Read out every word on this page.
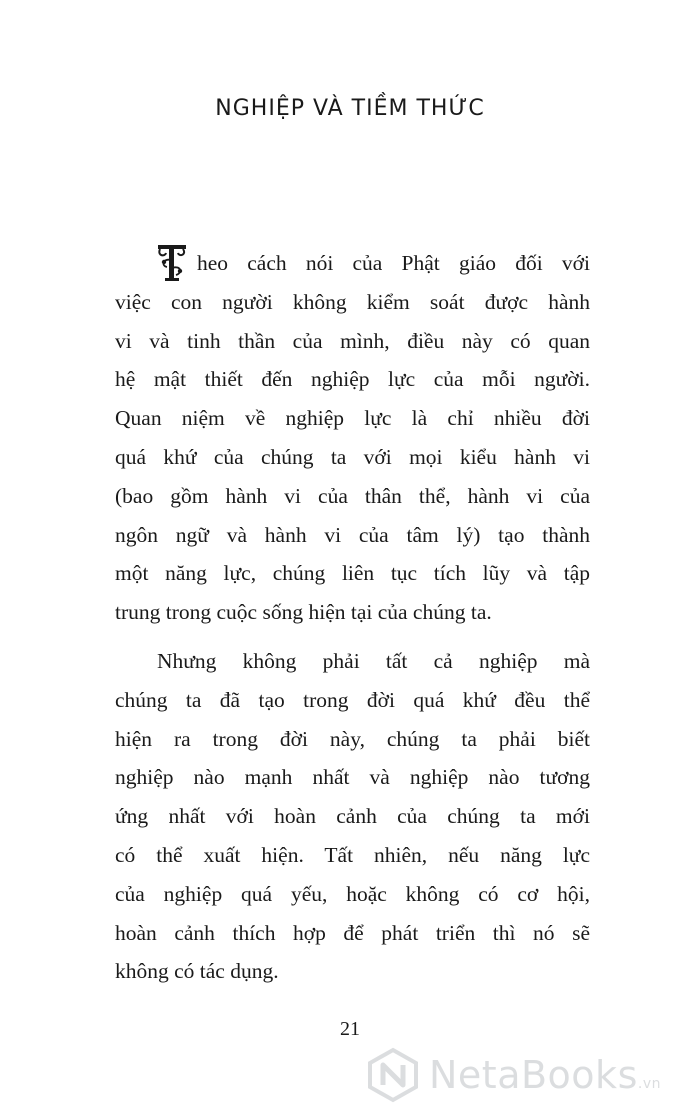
NGHIỆP VÀ TIỀM THỨC
heo cách nói của Phật giáo đối với
việc con người không kiểm soát được hành
vi và tinh thần của mình, điều này có quan
hệ mật thiết đến nghiệp lực của mỗi người.
Quan niệm về nghiệp lực là chỉ nhiều đời
quá khứ của chúng ta với mọi kiểu hành vi
(bao gồm hành vi của thân thể, hành vi của
ngôn ngữ và hành vi của tâm lý) tạo thành
một năng lực, chúng liên tục tích lũy và tập
trung trong cuộc sống hiện tại của chúng ta.
Nhưng không phải tất cả nghiệp mà
chúng ta đã tạo trong đời quá khứ đều thể
hiện ra trong đời này, chúng ta phải biết
nghiệp nào mạnh nhất và nghiệp nào tương
ứng nhất với hoàn cảnh của chúng ta mới
có thể xuất hiện. Tất nhiên, nếu năng lực
của nghiệp quá yếu, hoặc không có cơ hội,
hoàn cảnh thích hợp để phát triển thì nó sẽ
không có tác dụng.
21
NetaBooks.vn
